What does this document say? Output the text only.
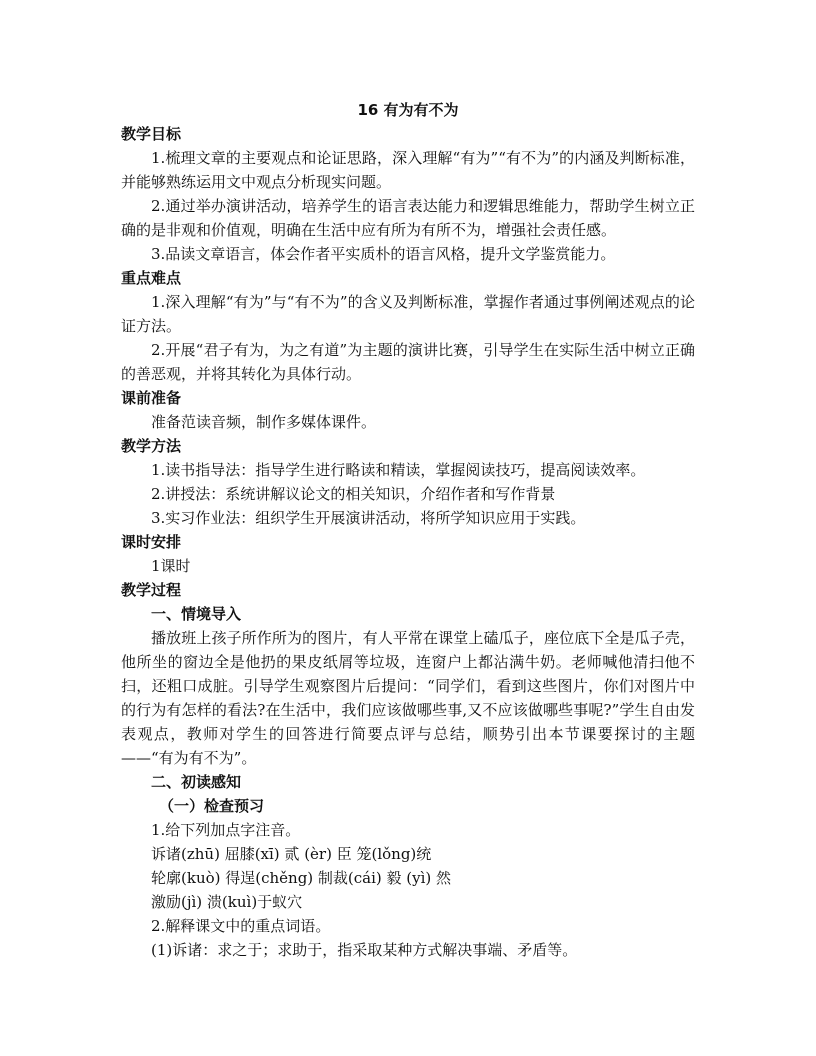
16 有为有不为
教学目标
1.梳理文章的主要观点和论证思路，深入理解“有为”“有不为”的内涵及判断标准，并能够熟练运用文中观点分析现实问题。
2.通过举办演讲活动，培养学生的语言表达能力和逻辑思维能力，帮助学生树立正确的是非观和价值观，明确在生活中应有所为有所不为，增强社会责任感。
3.品读文章语言，体会作者平实质朴的语言风格，提升文学鉴赏能力。
重点难点
1.深入理解“有为”与“有不为”的含义及判断标准，掌握作者通过事例阐述观点的论证方法。
2.开展“君子有为，为之有道”为主题的演讲比赛，引导学生在实际生活中树立正确的善恶观，并将其转化为具体行动。
课前准备
准备范读音频，制作多媒体课件。
教学方法
1.读书指导法：指导学生进行略读和精读，掌握阅读技巧，提高阅读效率。
2.讲授法：系统讲解议论文的相关知识，介绍作者和写作背景
3.实习作业法：组织学生开展演讲活动，将所学知识应用于实践。
课时安排
1课时
教学过程
一、情境导入
播放班上孩子所作所为的图片，有人平常在课堂上磕瓜子，座位底下全是瓜子壳，他所坐的窗边全是他扔的果皮纸屑等垃圾，连窗户上都沾满牛奶。老师喊他清扫他不扫，还粗口成脏。引导学生观察图片后提问：“同学们，看到这些图片，你们对图片中的行为有怎样的看法?在生活中，我们应该做哪些事,又不应该做哪些事呢?”学生自由发表观点，教师对学生的回答进行简要点评与总结，顺势引出本节课要探讨的主题——“有为有不为”。
二、初读感知
（一）检查预习
1.给下列加点字注音。
诉诸(zhū) 屈膝(xī) 贰 (èr) 臣 笼(lǒng)统
轮廓(kuò) 得逞(chěng) 制裁(cái) 毅 (yì) 然
激励(jì) 溃(kuì)于蚁穴
2.解释课文中的重点词语。
(1)诉诸：求之于；求助于，指采取某种方式解决事端、矛盾等。
